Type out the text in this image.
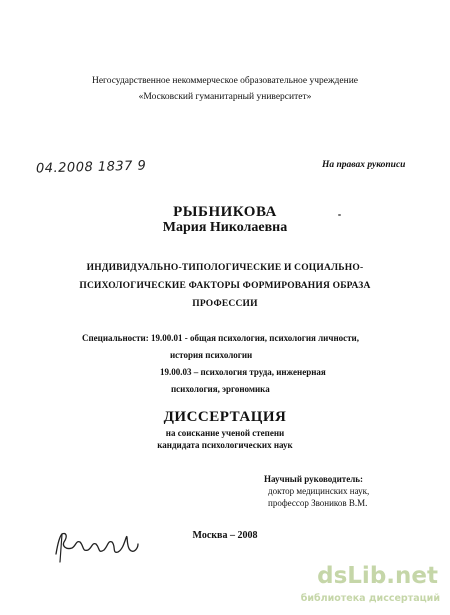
Негосударственное некоммерческое образовательное учреждение
«Московский гуманитарный университет»
04.2008 1837 9	На правах рукописи
РЫБНИКОВА
Мария Николаевна
ИНДИВИДУАЛЬНО-ТИПОЛОГИЧЕСКИЕ И СОЦИАЛЬНО-
ПСИХОЛОГИЧЕСКИЕ ФАКТОРЫ ФОРМИРОВАНИЯ ОБРАЗА
ПРОФЕССИИ
Специальности: 19.00.01 - общая психология, психология личности,
история психологии
19.00.03 – психология труда, инженерная
психология, эргономика
ДИССЕРТАЦИЯ
на соискание ученой степени
кандидата психологических наук
Научный руководитель:
доктор медицинских наук,
профессор Звоников В.М.
Москва – 2008
dsLib.net
библиотека диссертаций
